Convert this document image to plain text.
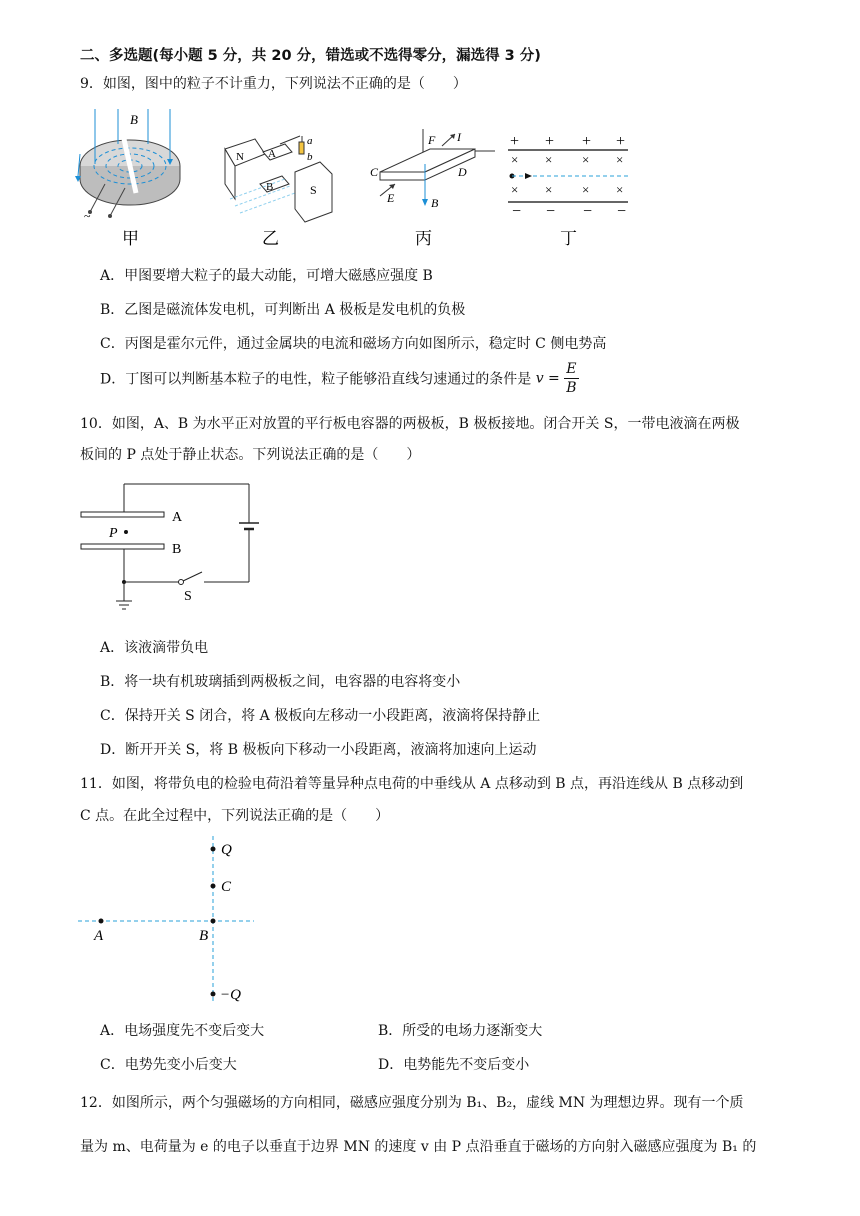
二、多选题(每小题 5 分，共 20 分，错选或不选得零分，漏选得 3 分)
9．如图，图中的粒子不计重力，下列说法不正确的是（　　）
B
~
N A
B	S
a
b
B
F I
C	D
E
+ + + +
× × × ×
× × × ×
− − − −
甲	乙	丙	丁
A．甲图要增大粒子的最大动能，可增大磁感应强度 B
B．乙图是磁流体发电机，可判断出 A 极板是发电机的负极
C．丙图是霍尔元件，通过金属块的电流和磁场方向如图所示，稳定时 C 侧电势高
D．丁图可以判断基本粒子的电性，粒子能够沿直线匀速通过的条件是 $v = \frac{E}{B}$
10．如图，A、B 为水平正对放置的平行板电容器的两极板，B 极板接地。闭合开关 S，一带电液滴在两极
板间的 P 点处于静止状态。下列说法正确的是（　　）
A
P
B
S
A．该液滴带负电
B．将一块有机玻璃插到两极板之间，电容器的电容将变小
C．保持开关 S 闭合，将 A 极板向左移动一小段距离，液滴将保持静止
D．断开开关 S，将 B 极板向下移动一小段距离，液滴将加速向上运动
11．如图，将带负电的检验电荷沿着等量异种点电荷的中垂线从 A 点移动到 B 点，再沿连线从 B 点移动到
C 点。在此全过程中，下列说法正确的是（　　）
Q
C
A	B
−Q
A．电场强度先不变后变大	B．所受的电场力逐渐变大
C．电势先变小后变大	D．电势能先不变后变小
12．如图所示，两个匀强磁场的方向相同，磁感应强度分别为 B₁、B₂，虚线 MN 为理想边界。现有一个质
量为 m、电荷量为 e 的电子以垂直于边界 MN 的速度 v 由 P 点沿垂直于磁场的方向射入磁感应强度为 B₁ 的
